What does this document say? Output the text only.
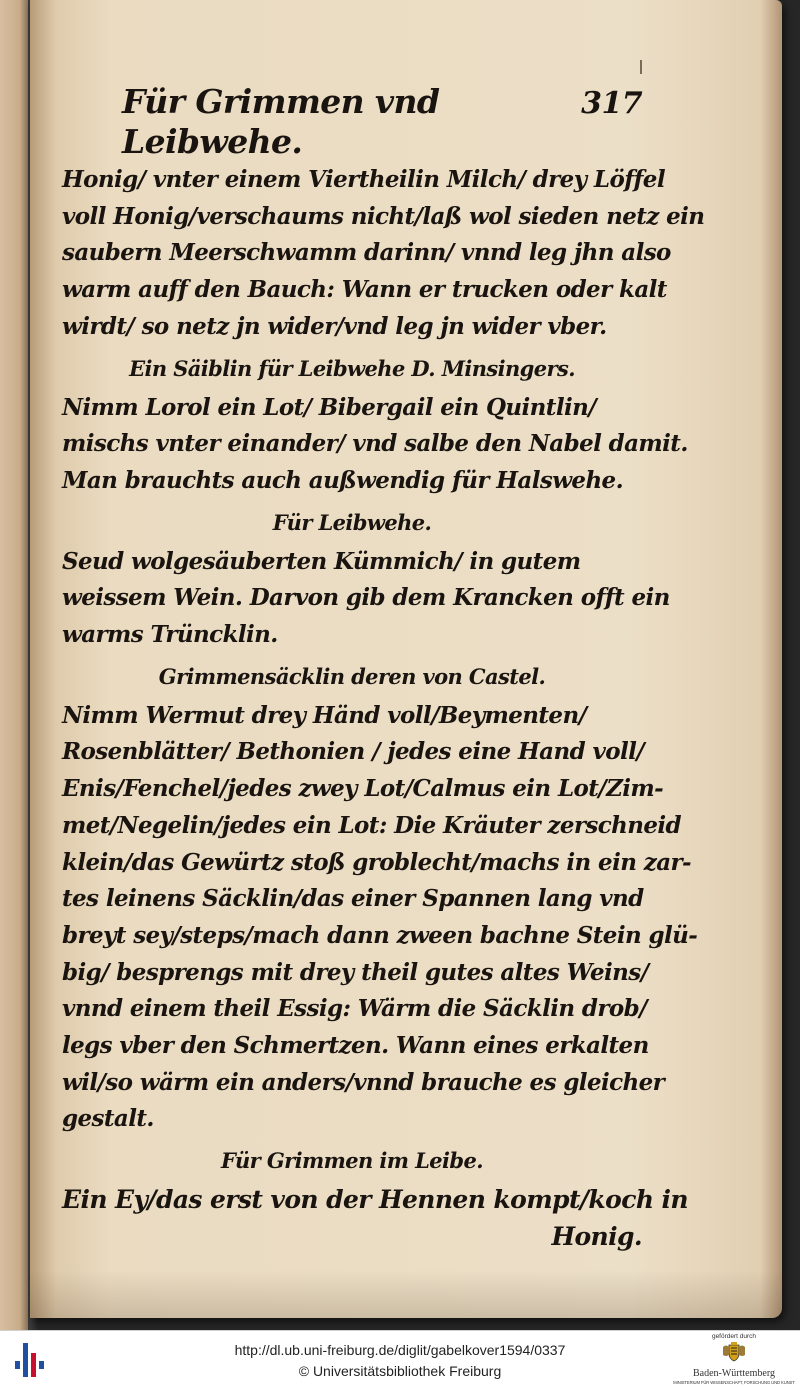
Für Grimmen vnd Leibwehe.
317
Honig/ vnter einem Viertheilin Milch/ drey Löffel
voll Honig/verschaums nicht/laß wol sieden netz ein
saubern Meerschwamm darinn/ vnnd leg jhn also
warm auff den Bauch: Wann er trucken oder kalt
wirdt/ so netz jn wider/vnd leg jn wider vber.
Ein Säiblin für Leibwehe D. Minsingers.
Nimm Lorol ein Lot/ Bibergail ein Quintlin/
mischs vnter einander/ vnd salbe den Nabel damit.
Man brauchts auch außwendig für Halswehe.
Für Leibwehe.
Seud wolgesäuberten Kümmich/ in gutem
weissem Wein. Darvon gib dem Krancken offt ein
warms Trüncklin.
Grimmensäcklin deren von Castel.
Nimm Wermut drey Händ voll/Beymenten/
Rosenblätter/ Bethonien / jedes eine Hand voll/
Enis/Fenchel/jedes zwey Lot/Calmus ein Lot/Zim-
met/Negelin/jedes ein Lot: Die Kräuter zerschneid
klein/das Gewürtz stoß groblecht/machs in ein zar-
tes leinens Säcklin/das einer Spannen lang vnd
breyt sey/steps/mach dann zween bachne Stein glü-
big/ besprengs mit drey theil gutes altes Weins/
vnnd einem theil Essig: Wärm die Säcklin drob/
legs vber den Schmertzen. Wann eines erkalten
wil/so wärm ein anders/vnnd brauche es gleicher
gestalt.
Für Grimmen im Leibe.
Ein Ey/das erst von der Hennen kompt/koch in
Honig.
http://dl.ub.uni-freiburg.de/diglit/gabelkover1594/0337
© Universitätsbibliothek Freiburg
gefördert durch
Baden-Württemberg
MINISTERIUM FÜR WISSENSCHAFT, FORSCHUNG UND KUNST
